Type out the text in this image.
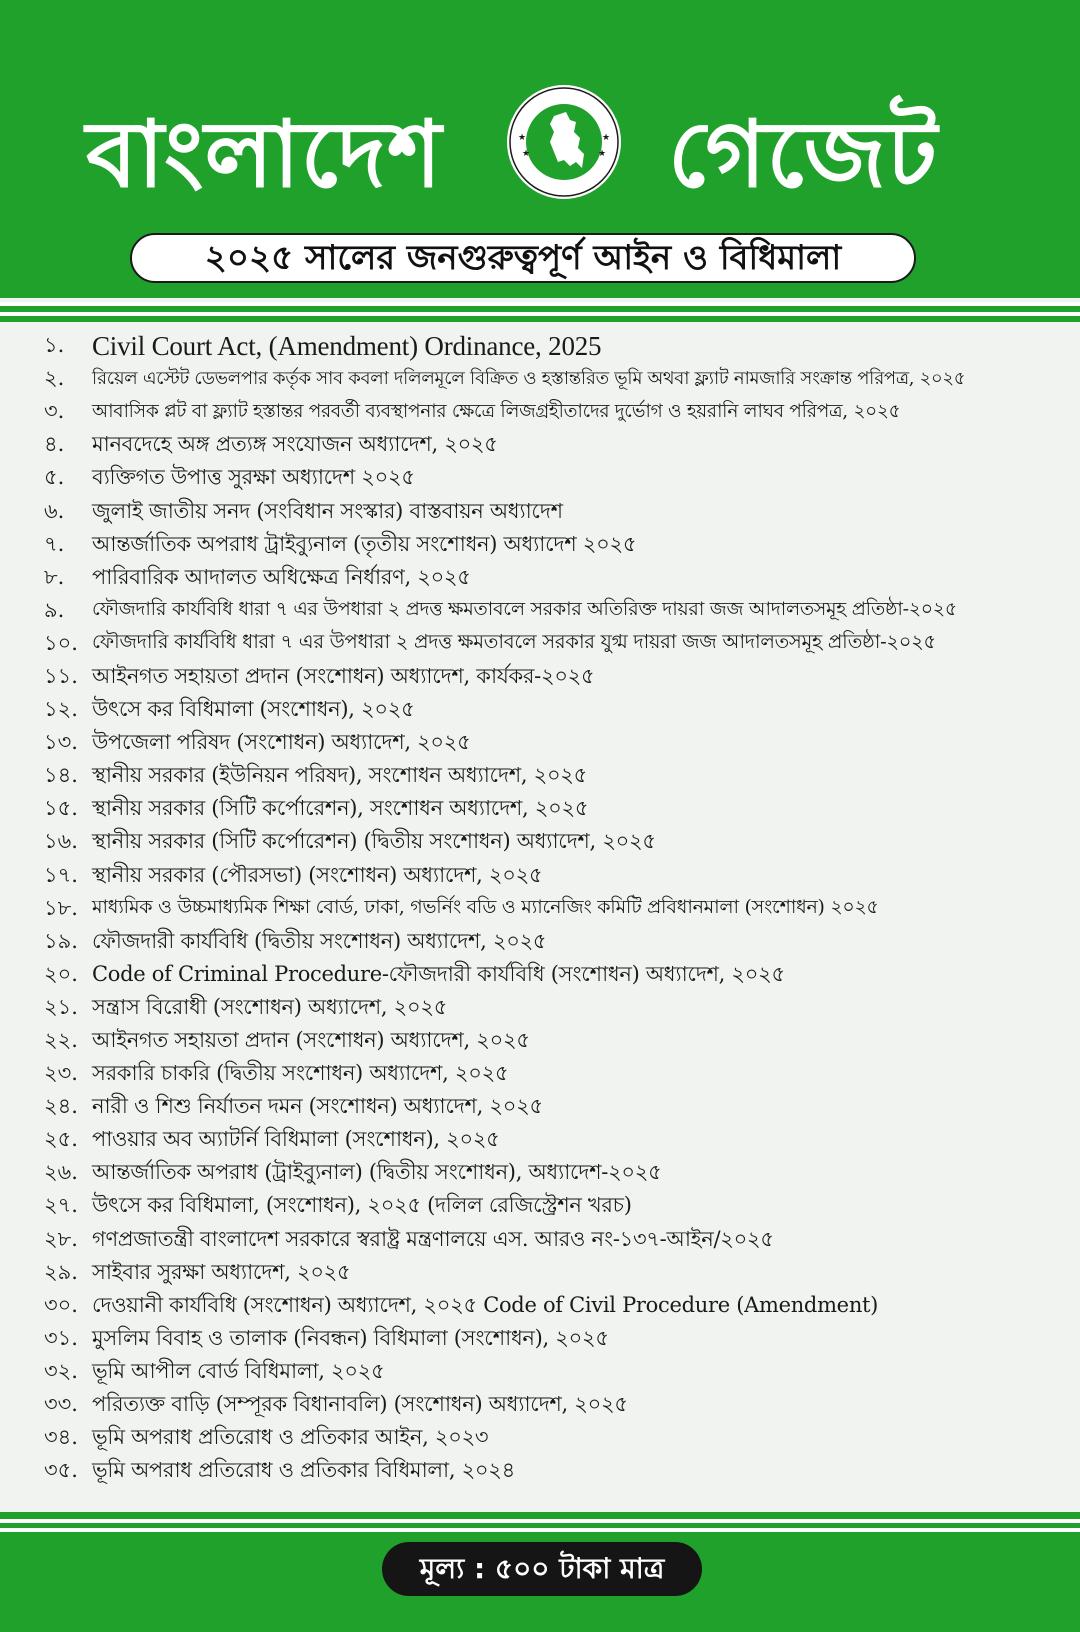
বাংলাদেশ গেজেট
★	★
★	★
২০২৫ সালের জনগুরুত্বপূর্ণ আইন ও বিধিমালা
১.	Civil Court Act, (Amendment) Ordinance, 2025
২.	রিয়েল এস্টেট ডেভলপার কর্তৃক সাব কবলা দলিলমূলে বিক্রিত ও হস্তান্তরিত ভূমি অথবা ফ্ল্যাট নামজারি সংক্রান্ত পরিপত্র, ২০২৫
৩.	আবাসিক প্লট বা ফ্ল্যাট হস্তান্তর পরবর্তী ব্যবস্থাপনার ক্ষেত্রে লিজগ্রহীতাদের দুর্ভোগ ও হয়রানি লাঘব পরিপত্র, ২০২৫
৪.	মানবদেহে অঙ্গ প্রত্যঙ্গ সংযোজন অধ্যাদেশ, ২০২৫
৫.	ব্যক্তিগত উপাত্ত সুরক্ষা অধ্যাদেশ ২০২৫
৬.	জুলাই জাতীয় সনদ (সংবিধান সংস্কার) বাস্তবায়ন অধ্যাদেশ
৭.	আন্তর্জাতিক অপরাধ ট্রাইব্যুনাল (তৃতীয় সংশোধন) অধ্যাদেশ ২০২৫
৮.	পারিবারিক আদালত অধিক্ষেত্র নির্ধারণ, ২০২৫
৯.	ফৌজদারি কার্যবিধি ধারা ৭ এর উপধারা ২ প্রদত্ত ক্ষমতাবলে সরকার অতিরিক্ত দায়রা জজ আদালতসমূহ প্রতিষ্ঠা-২০২৫
১০. ফৌজদারি কার্যবিধি ধারা ৭ এর উপধারা ২ প্রদত্ত ক্ষমতাবলে সরকার যুগ্ম দায়রা জজ আদালতসমূহ প্রতিষ্ঠা-২০২৫
১১. আইনগত সহায়তা প্রদান (সংশোধন) অধ্যাদেশ, কার্যকর-২০২৫
১২. উৎসে কর বিধিমালা (সংশোধন), ২০২৫
১৩. উপজেলা পরিষদ (সংশোধন) অধ্যাদেশ, ২০২৫
১৪. স্থানীয় সরকার (ইউনিয়ন পরিষদ), সংশোধন অধ্যাদেশ, ২০২৫
১৫. স্থানীয় সরকার (সিটি কর্পোরেশন), সংশোধন অধ্যাদেশ, ২০২৫
১৬. স্থানীয় সরকার (সিটি কর্পোরেশন) (দ্বিতীয় সংশোধন) অধ্যাদেশ, ২০২৫
১৭. স্থানীয় সরকার (পৌরসভা) (সংশোধন) অধ্যাদেশ, ২০২৫
১৮. মাধ্যমিক ও উচ্চমাধ্যমিক শিক্ষা বোর্ড, ঢাকা, গভর্নিং বডি ও ম্যানেজিং কমিটি প্রবিধানমালা (সংশোধন) ২০২৫
১৯. ফৌজদারী কার্যবিধি (দ্বিতীয় সংশোধন) অধ্যাদেশ, ২০২৫
২০. Code of Criminal Procedure-ফৌজদারী কার্যবিধি (সংশোধন) অধ্যাদেশ, ২০২৫
২১. সন্ত্রাস বিরোধী (সংশোধন) অধ্যাদেশ, ২০২৫
২২. আইনগত সহায়তা প্রদান (সংশোধন) অধ্যাদেশ, ২০২৫
২৩. সরকারি চাকরি (দ্বিতীয় সংশোধন) অধ্যাদেশ, ২০২৫
২৪. নারী ও শিশু নির্যাতন দমন (সংশোধন) অধ্যাদেশ, ২০২৫
২৫. পাওয়ার অব অ্যাটর্নি বিধিমালা (সংশোধন), ২০২৫
২৬. আন্তর্জাতিক অপরাধ (ট্রাইব্যুনাল) (দ্বিতীয় সংশোধন), অধ্যাদেশ-২০২৫
২৭. উৎসে কর বিধিমালা, (সংশোধন), ২০২৫ (দলিল রেজিস্ট্রেশন খরচ)
২৮. গণপ্রজাতন্ত্রী বাংলাদেশ সরকারে স্বরাষ্ট্র মন্ত্রণালয়ে এস. আরও নং-১৩৭-আইন/২০২৫
২৯. সাইবার সুরক্ষা অধ্যাদেশ, ২০২৫
৩০. দেওয়ানী কার্যবিধি (সংশোধন) অধ্যাদেশ, ২০২৫ Code of Civil Procedure (Amendment)
৩১. মুসলিম বিবাহ ও তালাক (নিবন্ধন) বিধিমালা (সংশোধন), ২০২৫
৩২. ভূমি আপীল বোর্ড বিধিমালা, ২০২৫
৩৩. পরিত্যক্ত বাড়ি (সম্পূরক বিধানাবলি) (সংশোধন) অধ্যাদেশ, ২০২৫
৩৪. ভূমি অপরাধ প্রতিরোধ ও প্রতিকার আইন, ২০২৩
৩৫. ভূমি অপরাধ প্রতিরোধ ও প্রতিকার বিধিমালা, ২০২৪
মূল্য : ৫০০ টাকা মাত্র
